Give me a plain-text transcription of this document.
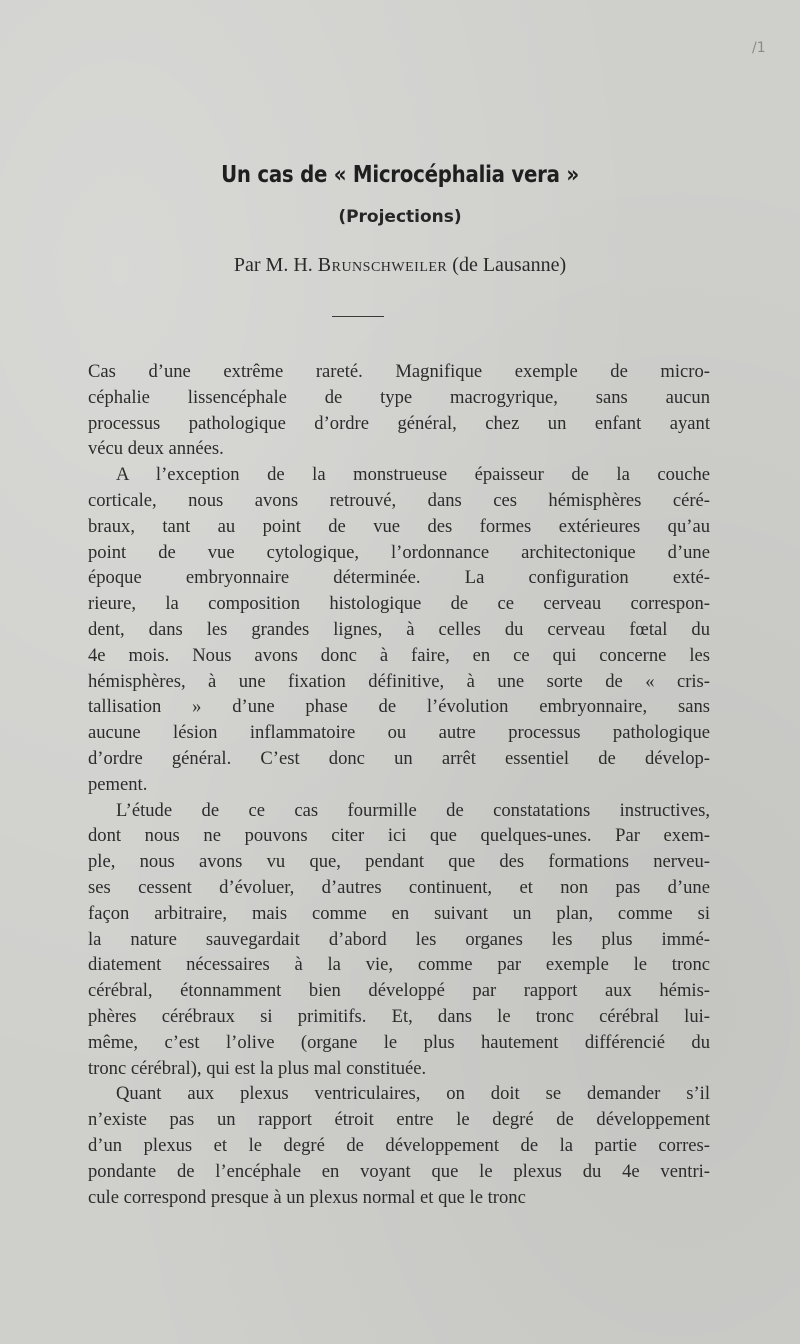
/1
Un cas de « Microcéphalia vera »
(Projections)
Par M. H. Brunschweiler (de Lausanne)
Cas d’une extrême rareté. Magnifique exemple de micro-
céphalie lissencéphale de type macrogyrique, sans aucun
processus pathologique d’ordre général, chez un enfant ayant
vécu deux années.
A l’exception de la monstrueuse épaisseur de la couche
corticale, nous avons retrouvé, dans ces hémisphères céré-
braux, tant au point de vue des formes extérieures qu’au
point de vue cytologique, l’ordonnance architectonique d’une
époque embryonnaire déterminée. La configuration exté-
rieure, la composition histologique de ce cerveau correspon-
dent, dans les grandes lignes, à celles du cerveau fœtal du
4e mois. Nous avons donc à faire, en ce qui concerne les
hémisphères, à une fixation définitive, à une sorte de « cris-
tallisation » d’une phase de l’évolution embryonnaire, sans
aucune lésion inflammatoire ou autre processus pathologique
d’ordre général. C’est donc un arrêt essentiel de dévelop-
pement.
L’étude de ce cas fourmille de constatations instructives,
dont nous ne pouvons citer ici que quelques-unes. Par exem-
ple, nous avons vu que, pendant que des formations nerveu-
ses cessent d’évoluer, d’autres continuent, et non pas d’une
façon arbitraire, mais comme en suivant un plan, comme si
la nature sauvegardait d’abord les organes les plus immé-
diatement nécessaires à la vie, comme par exemple le tronc
cérébral, étonnamment bien développé par rapport aux hémis-
phères cérébraux si primitifs. Et, dans le tronc cérébral lui-
même, c’est l’olive (organe le plus hautement différencié du
tronc cérébral), qui est la plus mal constituée.
Quant aux plexus ventriculaires, on doit se demander s’il
n’existe pas un rapport étroit entre le degré de développement
d’un plexus et le degré de développement de la partie corres-
pondante de l’encéphale en voyant que le plexus du 4e ventri-
cule correspond presque à un plexus normal et que le tronc
